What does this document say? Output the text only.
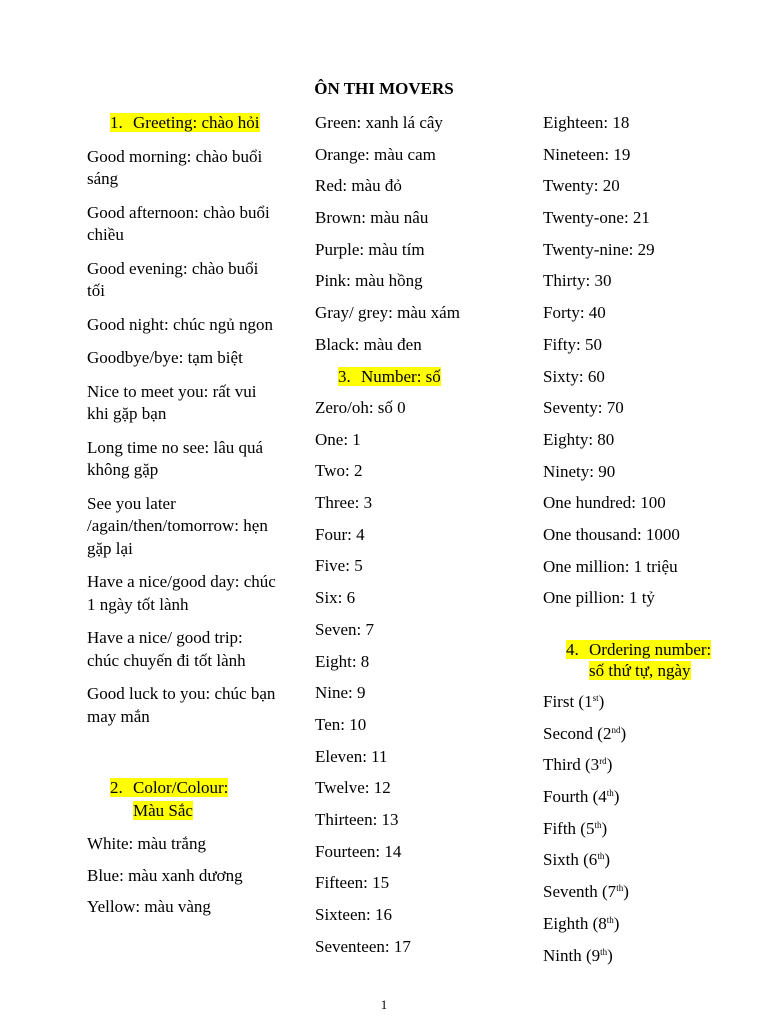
ÔN THI MOVERS
1. Greeting: chào hỏi
Good morning: chào buổi sáng
Good afternoon: chào buổi chiều
Good evening: chào buổi tối
Good night: chúc ngủ ngon
Goodbye/bye: tạm biệt
Nice to meet you: rất vui khi gặp bạn
Long time no see: lâu quá không gặp
See you later /again/then/tomorrow: hẹn gặp lại
Have a nice/good day: chúc 1 ngày tốt lành
Have a nice/ good trip: chúc chuyến đi tốt lành
Good luck to you: chúc bạn may mắn
2. Color/Colour:
Màu Sắc
White: màu trắng
Blue: màu xanh dương
Yellow: màu vàng
Green: xanh lá cây
Orange: màu cam
Red: màu đỏ
Brown: màu nâu
Purple: màu tím
Pink: màu hồng
Gray/ grey: màu xám
Black: màu đen
3. Number: số
Zero/oh: số 0
One: 1
Two: 2
Three: 3
Four: 4
Five: 5
Six: 6
Seven: 7
Eight: 8
Nine: 9
Ten: 10
Eleven: 11
Twelve: 12
Thirteen: 13
Fourteen: 14
Fifteen: 15
Sixteen: 16
Seventeen: 17
Eighteen: 18
Nineteen: 19
Twenty: 20
Twenty-one: 21
Twenty-nine: 29
Thirty: 30
Forty: 40
Fifty: 50
Sixty: 60
Seventy: 70
Eighty: 80
Ninety: 90
One hundred: 100
One thousand: 1000
One million: 1 triệu
One pillion: 1 tỷ
4. Ordering number:
số thứ tự, ngày
First (1st)
Second (2nd)
Third (3rd)
Fourth (4th)
Fifth (5th)
Sixth (6th)
Seventh (7th)
Eighth (8th)
Ninth (9th)
1
